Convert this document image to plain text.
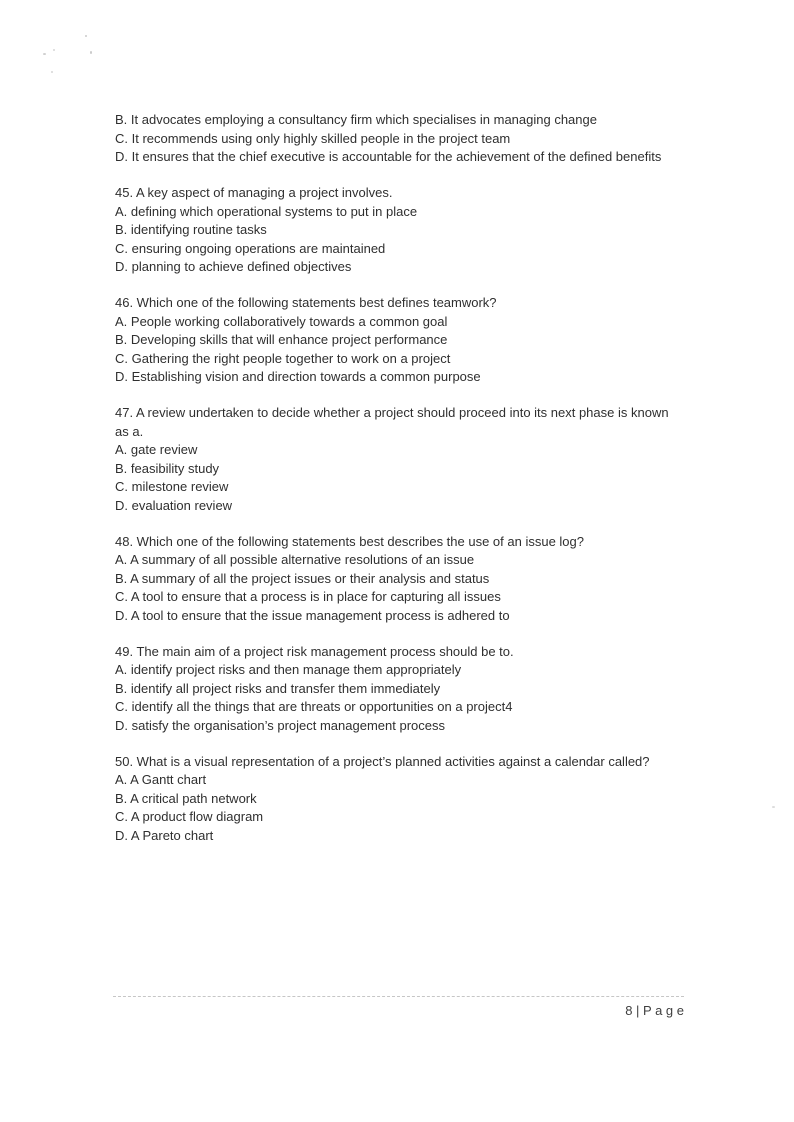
B. It advocates employing a consultancy firm which specialises in managing change
C. It recommends using only highly skilled people in the project team
D. It ensures that the chief executive is accountable for the achievement of the defined benefits
45. A key aspect of managing a project involves.
A. defining which operational systems to put in place
B. identifying routine tasks
C. ensuring ongoing operations are maintained
D. planning to achieve defined objectives
46. Which one of the following statements best defines teamwork?
A. People working collaboratively towards a common goal
B. Developing skills that will enhance project performance
C. Gathering the right people together to work on a project
D. Establishing vision and direction towards a common purpose
47. A review undertaken to decide whether a project should proceed into its next phase is known as a.
A. gate review
B. feasibility study
C. milestone review
D. evaluation review
48. Which one of the following statements best describes the use of an issue log?
A. A summary of all possible alternative resolutions of an issue
B. A summary of all the project issues or their analysis and status
C. A tool to ensure that a process is in place for capturing all issues
D. A tool to ensure that the issue management process is adhered to
49. The main aim of a project risk management process should be to.
A. identify project risks and then manage them appropriately
B. identify all project risks and transfer them immediately
C. identify all the things that are threats or opportunities on a project4
D. satisfy the organisation’s project management process
50. What is a visual representation of a project’s planned activities against a calendar called?
A. A Gantt chart
B. A critical path network
C. A product flow diagram
D. A Pareto chart
8 | P a g e
